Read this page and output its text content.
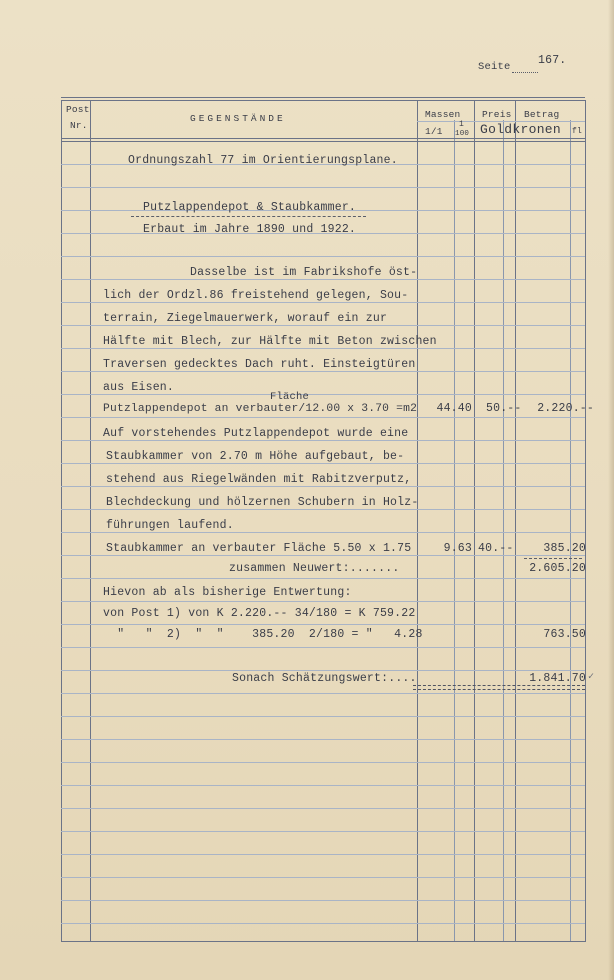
Seite 167.
Post
Nr.
GEGENSTÄNDE	Massen
1/1
1
100
Preis Betrag
Goldkronen fl
Ordnungszahl 77 im Orientierungsplane.
Putzlappendepot & Staubkammer.
Erbaut im Jahre 1890 und 1922.
Dasselbe ist im Fabrikshofe öst-
lich der Ordzl.86 freistehend gelegen, Sou-
terrain, Ziegelmauerwerk, worauf ein zur
Hälfte mit Blech, zur Hälfte mit Beton zwischen
Traversen gedecktes Dach ruht. Einsteigtüren
aus Eisen.
Fläche
Putzlappendepot an verbauter/12.00 x 3.70 =m2	44.40 50.--	2.220.--
Auf vorstehendes Putzlappendepot wurde eine
Staubkammer von 2.70 m Höhe aufgebaut, be-
stehend aus Riegelwänden mit Rabitzverputz,
Blechdeckung und hölzernen Schubern in Holz-
führungen laufend.
Staubkammer an verbauter Fläche 5.50 x 1.75	9.63 40.--	385.20
zusammen Neuwert:.......	2.605.20
Hievon ab als bisherige Entwertung:
von Post 1) von K 2.220.-- 34/180 = K 759.22
"   "  2)  "  "    385.20  2/180 = "   4.28	763.50
Sonach Schätzungswert:....	1.841.70 ✓
